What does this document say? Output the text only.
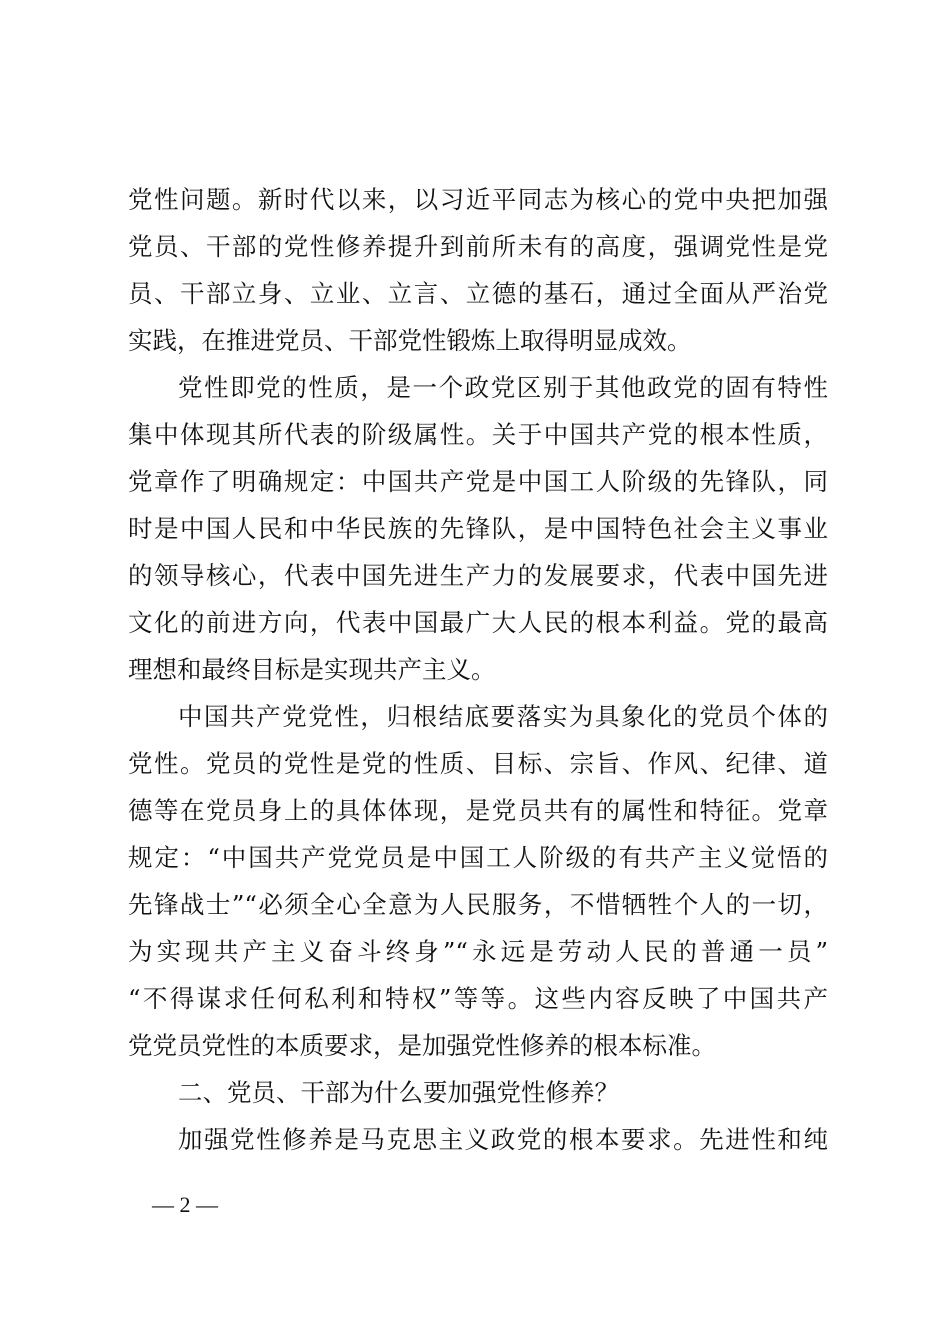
党性问题。新时代以来，以习近平同志为核心的党中央把加强
党员、干部的党性修养提升到前所未有的高度，强调党性是党
员、干部立身、立业、立言、立德的基石，通过全面从严治党
实践，在推进党员、干部党性锻炼上取得明显成效。
党性即党的性质，是一个政党区别于其他政党的固有特性
集中体现其所代表的阶级属性。关于中国共产党的根本性质，
党章作了明确规定：中国共产党是中国工人阶级的先锋队，同
时是中国人民和中华民族的先锋队，是中国特色社会主义事业
的领导核心，代表中国先进生产力的发展要求，代表中国先进
文化的前进方向，代表中国最广大人民的根本利益。党的最高
理想和最终目标是实现共产主义。
中国共产党党性，归根结底要落实为具象化的党员个体的
党性。党员的党性是党的性质、目标、宗旨、作风、纪律、道
德等在党员身上的具体体现，是党员共有的属性和特征。党章
规定：“中国共产党党员是中国工人阶级的有共产主义觉悟的
先锋战士”“必须全心全意为人民服务，不惜牺牲个人的一切，
为实现共产主义奋斗终身”“永远是劳动人民的普通一员”
“不得谋求任何私利和特权”等等。这些内容反映了中国共产
党党员党性的本质要求，是加强党性修养的根本标准。
二、党员、干部为什么要加强党性修养？
加强党性修养是马克思主义政党的根本要求。先进性和纯
— 2 —
